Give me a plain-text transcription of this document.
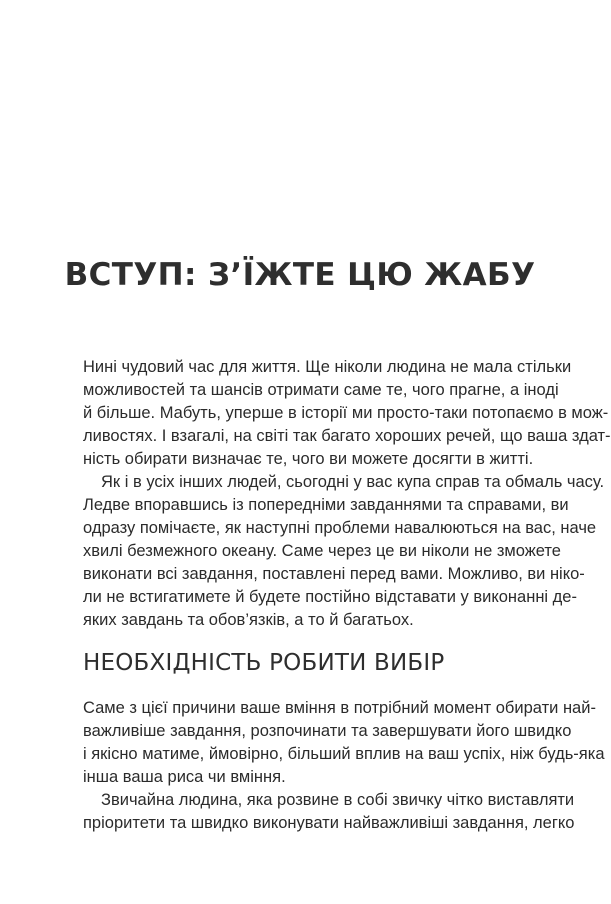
ВСТУП: З’ЇЖТЕ ЦЮ ЖАБУ

Нині чудовий час для життя. Ще ніколи людина не мала стільки
можливостей та шансів отримати саме те, чого прагне, а іноді
й більше. Мабуть, уперше в історії ми просто-таки потопаємо в мож-
ливостях. І взагалі, на світі так багато хороших речей, що ваша здат-
ність обирати визначає те, чого ви можете досягти в житті.

Як і в усіх інших людей, сьогодні у вас купа справ та обмаль часу.
Ледве впоравшись із попередніми завданнями та справами, ви
одразу помічаєте, як наступні проблеми навалюються на вас, наче
хвилі безмежного океану. Саме через це ви ніколи не зможете
виконати всі завдання, поставлені перед вами. Можливо, ви ніко-
ли не встигатимете й будете постійно відставати у виконанні де-
яких завдань та обов’язків, а то й багатьох.

НЕОБХІДНІСТЬ РОБИТИ ВИБІР

Саме з цієї причини ваше вміння в потрібний момент обирати най-
важливіше завдання, розпочинати та завершувати його швидко
і якісно матиме, ймовірно, більший вплив на ваш успіх, ніж будь-яка
інша ваша риса чи вміння.

Звичайна людина, яка розвине в собі звичку чітко виставляти
пріоритети та швидко виконувати найважливіші завдання, легко
